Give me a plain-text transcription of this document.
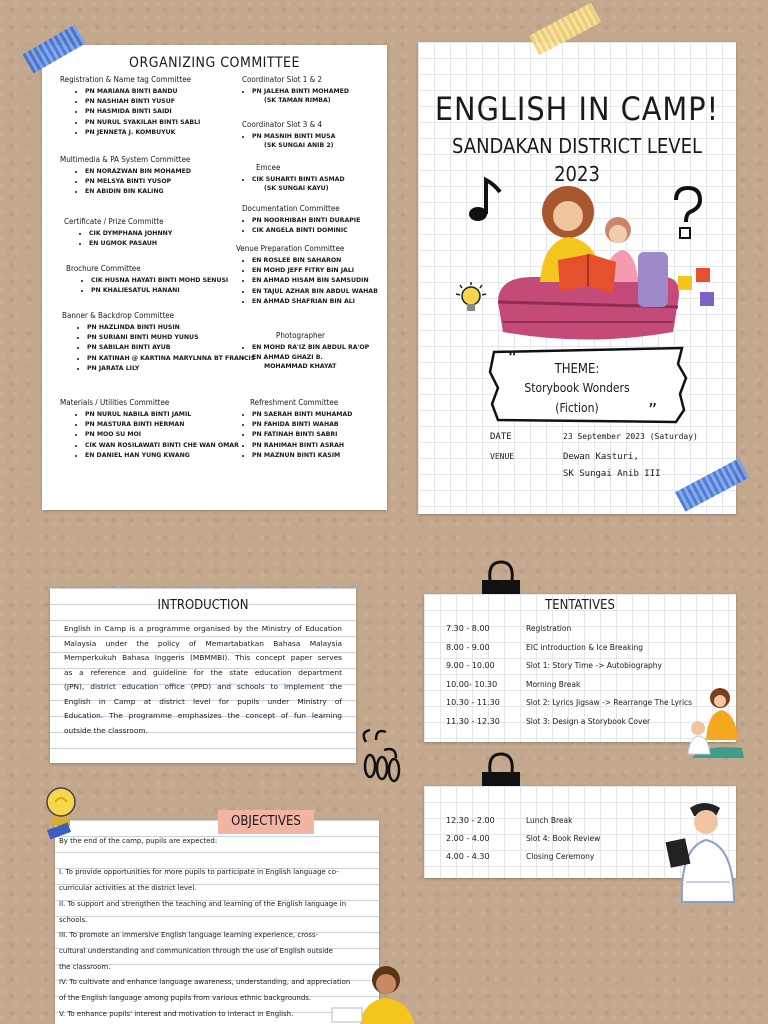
ORGANIZING COMMITTEE
Registration & Name tag Committee
• PN MARIANA BINTI BANDU
• PN NASHIAH BINTI YUSUF
• PN HASMIDA BINTI SAIDI
• PN NURUL SYAKILAH BINTI SABLI
• PN JENNETA J. KOMBUYUK
Multimedia & PA System Committee
• EN NORAZWAN BIN MOHAMED
• PN MELSYA BINTI YUSOP
• EN ABIDIN BIN KALING
Certificate / Prize Committe
• CIK DYMPHANA JOHNNY
• EN UGMOK PASAUH
Brochure Committee
• CIK HUSNA HAYATI BINTI MOHD SENUSI
• PN KHALIESATUL HANANI
Banner & Backdrop Committee
• PN HAZLINDA BINTI HUSIN
• PN SURIANI BINTI MUHD YUNUS
• PN SABILAH BINTI AYUB
• PN KATINAH @ KARTINA MARYLNNA BT FRANCIS
• PN JARATA LILY
Materials / Utilities Committee
• PN NURUL NABILA BINTI JAMIL
• PN MASTURA BINTI HERMAN
• PN MOO SU MOI
• CIK WAN ROSILAWATI BINTI CHE WAN OMAR
• EN DANIEL HAN YUNG KWANG
Coordinator Slot 1 & 2
• PN JALEHA BINTI MOHAMED
(SK TAMAN RIMBA)
Coordinator Slot 3 & 4
• PN MASNIH BINTI MUSA
(SK SUNGAI ANIB 2)
Emcee
• CIK SUHARTI BINTI ASMAD
(SK SUNGAI KAYU)
Documentation Committee
• PN NOORHIBAH BINTI DURAPIE
• CIK ANGELA BINTI DOMINIC
Venue Preparation Committee
• EN ROSLEE BIN SAHARON
• EN MOHD JEFF FITRY BIN JALI
• EN AHMAD HISAM BIN SAMSUDIN
• EN TAJUL AZHAR BIN ABDUL WAHAB
• EN AHMAD SHAFRIAN BIN ALI
Photographer
• EN MOHD RA'IZ BIN ABDUL RA'OP
• EN AHMAD GHAZI B.
MOHAMMAD KHAYAT
Refreshment Committee
• PN SAERAH BINTI MUHAMAD
• PN FAHIDA BINTI WAHAB
• PN FATINAH BINTI SABRI
• PN RAHIMAH BINTI ASRAH
• PN MAZNUN BINTI KASIM
ENGLISH IN CAMP!
SANDAKAN DISTRICT LEVEL
2023
“
”
THEME:
Storybook Wonders
(Fiction)
DATE	23 September 2023 (Saturday)
VENUE	Dewan Kasturi,
SK Sungai Anib III
INTRODUCTION
English in Camp is a programme organised by the Ministry of Education
Malaysia under the policy of Memartabatkan Bahasa Malaysia
Memperkukuh Bahasa Inggeris (MBMMBI). This concept paper serves
as a reference and guideline for the state education department
(JPN), district education office (PPD) and schools to implement the
English in Camp at district level for pupils under Ministry of
Education. The programme emphasizes the concept of fun learning
outside the classroom.
TENTATIVES
7.30 - 8.00	Registration
8.00 - 9.00	EIC introduction & Ice Breaking
9.00 - 10.00	Slot 1: Story Time -> Autobiography
10.00- 10.30	Morning Break
10.30 - 11.30	Slot 2: Lyrics Jigsaw -> Rearrange The Lyrics
11.30 - 12.30	Slot 3: Design a Storybook Cover
12.30 - 2.00	Lunch Break
2.00 - 4.00	Slot 4: Book Review
4.00 - 4.30	Closing Ceremony
By the end of the camp, pupils are expected:
I. To provide opportunities for more pupils to participate in English language co-
curricular activities at the district level.
II. To support and strengthen the teaching and learning of the English language in
schools.
III. To promote an immersive English language learning experience, cross-
cultural understanding and communication through the use of English outside
the classroom.
IV. To cultivate and enhance language awareness, understanding, and appreciation
of the English language among pupils from various ethnic backgrounds.
V. To enhance pupils' interest and motivation to interact in English.
OBJECTIVES
